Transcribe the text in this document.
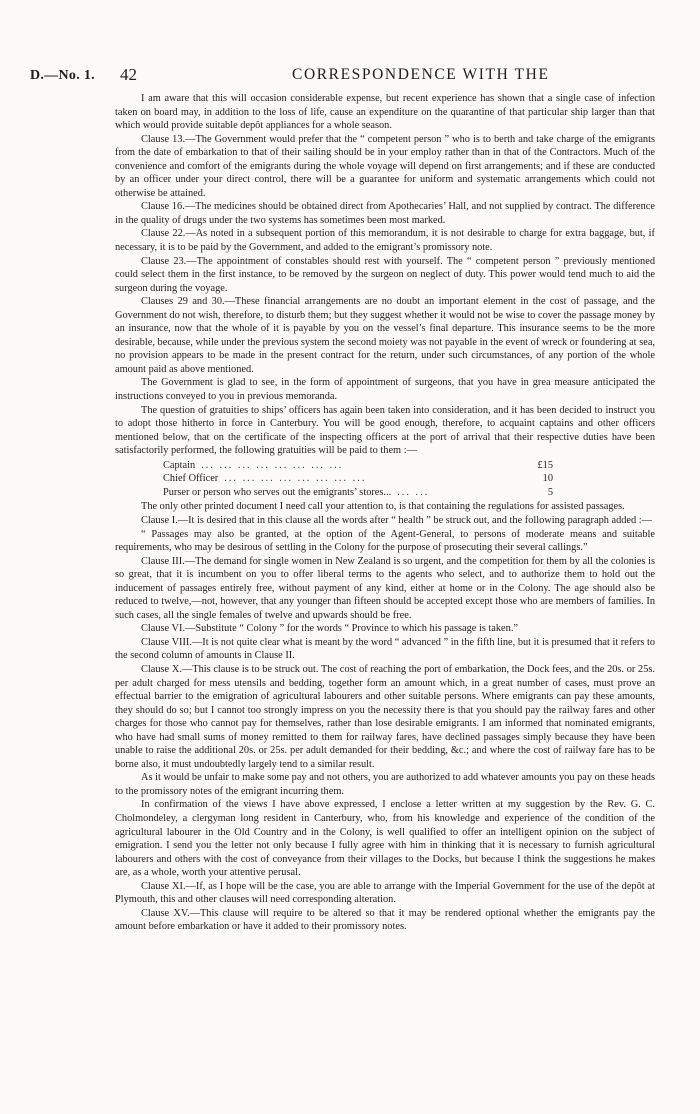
D.—No. 1. 42	CORRESPONDENCE WITH THE

I am aware that this will occasion considerable expense, but recent experience has shown that a single case of infection taken on board may, in addition to the loss of life, cause an expenditure on the quarantine of that particular ship larger than that which would provide suitable depôt appliances for a whole season.

Clause 13.—The Government would prefer that the “ competent person ” who is to berth and take charge of the emigrants from the date of embarkation to that of their sailing should be in your employ rather than in that of the Contractors. Much of the convenience and comfort of the emigrants during the whole voyage will depend on first arrangements; and if these are conducted by an officer under your direct control, there will be a guarantee for uniform and systematic arrangements which could not otherwise be attained.

Clause 16.—The medicines should be obtained direct from Apothecaries’ Hall, and not supplied by contract. The difference in the quality of drugs under the two systems has sometimes been most marked.

Clause 22.—As noted in a subsequent portion of this memorandum, it is not desirable to charge for extra baggage, but, if necessary, it is to be paid by the Government, and added to the emigrant’s promissory note.

Clause 23.—The appointment of constables should rest with yourself. The “ competent person ” previously mentioned could select them in the first instance, to be removed by the surgeon on neglect of duty. This power would tend much to aid the surgeon during the voyage.

Clauses 29 and 30.—These financial arrangements are no doubt an important element in the cost of passage, and the Government do not wish, therefore, to disturb them; but they suggest whether it would not be wise to cover the passage money by an insurance, now that the whole of it is payable by you on the vessel’s final departure. This insurance seems to be the more desirable, because, while under the previous system the second moiety was not payable in the event of wreck or foundering at sea, no provision appears to be made in the present contract for the return, under such circumstances, of any portion of the whole amount paid as above mentioned.

The Government is glad to see, in the form of appointment of surgeons, that you have in grea measure anticipated the instructions conveyed to you in previous memoranda.

The question of gratuities to ships’ officers has again been taken into consideration, and it has been decided to instruct you to adopt those hitherto in force in Canterbury. You will be good enough, therefore, to acquaint captains and other officers mentioned below, that on the certificate of the inspecting officers at the port of arrival that their respective duties have been satisfactorily performed, the following gratuities will be paid to them :—

Captain ... ... ... ... ... ... ... ...	£15
Chief Officer ... ... ... ... ... ... ... ...	10
Purser or person who serves out the emigrants’ stores... ... ...	5

The only other printed document I need call your attention to, is that containing the regulations for assisted passages.

Clause I.—It is desired that in this clause all the words after “ health ” be struck out, and the following paragraph added :—

“ Passages may also be granted, at the option of the Agent-General, to persons of moderate means and suitable requirements, who may be desirous of settling in the Colony for the purpose of prosecuting their several callings.”

Clause III.—The demand for single women in New Zealand is so urgent, and the competition for them by all the colonies is so great, that it is incumbent on you to offer liberal terms to the agents who select, and to authorize them to hold out the inducement of passages entirely free, without payment of any kind, either at home or in the Colony. The age should also be reduced to twelve,—not, however, that any younger than fifteen should be accepted except those who are members of families. In such cases, all the single females of twelve and upwards should be free.

Clause VI.—Substitute “ Colony ” for the words “ Province to which his passage is taken.”

Clause VIII.—It is not quite clear what is meant by the word “ advanced ” in the fifth line, but it is presumed that it refers to the second column of amounts in Clause II.

Clause X.—This clause is to be struck out. The cost of reaching the port of embarkation, the Dock fees, and the 20s. or 25s. per adult charged for mess utensils and bedding, together form an amount which, in a great number of cases, must prove an effectual barrier to the emigration of agricultural labourers and other suitable persons. Where emigrants can pay these amounts, they should do so; but I cannot too strongly impress on you the necessity there is that you should pay the railway fares and other charges for those who cannot pay for themselves, rather than lose desirable emigrants. I am informed that nominated emigrants, who have had small sums of money remitted to them for railway fares, have declined passages simply because they have been unable to raise the additional 20s. or 25s. per adult demanded for their bedding, &c.; and where the cost of railway fare has to be borne also, it must undoubtedly largely tend to a similar result.

As it would be unfair to make some pay and not others, you are authorized to add whatever amounts you pay on these heads to the promissory notes of the emigrant incurring them.

In confirmation of the views I have above expressed, I enclose a letter written at my suggestion by the Rev. G. C. Cholmondeley, a clergyman long resident in Canterbury, who, from his knowledge and experience of the condition of the agricultural labourer in the Old Country and in the Colony, is well qualified to offer an intelligent opinion on the subject of emigration. I send you the letter not only because I fully agree with him in thinking that it is necessary to furnish agricultural labourers and others with the cost of conveyance from their villages to the Docks, but because I think the suggestions he makes are, as a whole, worth your attentive perusal.

Clause XI.—If, as I hope will be the case, you are able to arrange with the Imperial Government for the use of the depôt at Plymouth, this and other clauses will need corresponding alteration.

Clause XV.—This clause will require to be altered so that it may be rendered optional whether the emigrants pay the amount before embarkation or have it added to their promissory notes.
